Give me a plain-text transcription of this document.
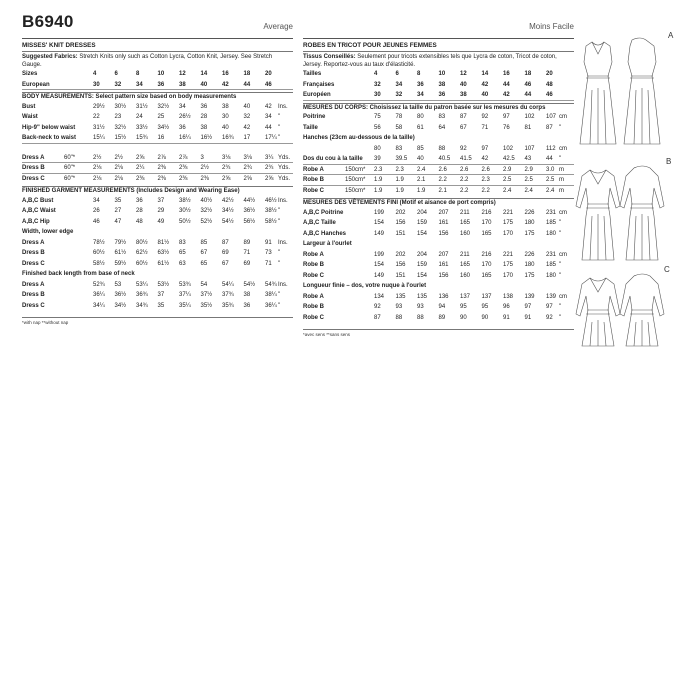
B6940	Average
MISSES' KNIT DRESSES
Suggested Fabrics: Stretch Knits only such as Cotton Lycra, Cotton Knit, Jersey. See Stretch Gauge.
Sizes	4	6	8	10	12	14	16	18	20
European	30	32	34	36	38	40	42	44	46
BODY MEASUREMENTS: Select pattern size based on body measurements
Bust	29½	30½	31½	32½	34	36	38	40	42	Ins.
Waist	22	23	24	25	26½	28	30	32	34	"
Hip-9" below waist	31½	32½	33½	34½	36	38	40	42	44	"
Back-neck to waist	15¼	15½	15¾	16	16¼	16½	16¾	17	17¼ "
Dress A	60"*	2½	2½	2⅝	2⅞	2⅞	3	3⅛	3⅛	3¼ Yds.
Dress B	60"*	2⅛	2⅛	2¼	2⅜	2⅜	2½	2¾	2¾	2¾ Yds.
Dress C	60"*	2⅛	2⅛	2⅜	2⅜	2⅜	2⅜	2⅝	2⅝	2⅝ Yds.
FINISHED GARMENT MEASUREMENTS (Includes Design and Wearing Ease)
A,B,C Bust	34	35	36	37	38½	40½	42½	44½	46½ Ins.
A,B,C Waist	26	27	28	29	30½	32½	34½	36½	38½ "
A,B,C Hip	46	47	48	49	50½	52½	54½	56½	58½ "
Width, lower edge
Dress A	78½	79½	80½	81½	83	85	87	89	91	Ins.
Dress B	60½	61½	62½	63½	65	67	69	71	73	"
Dress C	58½	59½	60½	61½	63	65	67	69	71	"
Finished back length from base of neck
Dress A	52¾	53	53¼	53½	53¾	54	54¼	54½	54¾ Ins.
Dress B	36¼	36½	36¾	37	37¼	37½	37¾	38	38¼ "
Dress C	34¼	34½	34¾	35	35¼	35½	35¾	36	36¼ "
*with nap **without nap
Moins Facile
ROBES EN TRICOT POUR JEUNES FEMMES
Tissus Conseillés: Seulement pour tricots extensibles tels que Lycra de coton, Tricot de coton, Jersey. Reportez-vous au taux d'élasticité.
Tailles	4	6	8	10	12	14	16	18	20
Françaises	32	34	36	38	40	42	44	46	48
Européen	30	32	34	36	38	40	42	44	46
MESURES DU CORPS: Choisissez la taille du patron basée sur les mesures du corps
Poitrine	75	78	80	83	87	92	97	102	107 cm
Taille	56	58	61	64	67	71	76	81	87	"
Hanches (23cm au-dessous de la taille)
80	83	85	88	92	97	102	107	112 cm
Dos du cou à la taille 39	39.5	40	40.5	41.5	42	42.5	43	44	"
Robe A	150cm* 2.3	2.3	2.4	2.6	2.6	2.6	2.9	2.9	3.0 m
Robe B	150cm* 1.9	1.9	2.1	2.2	2.2	2.3	2.5	2.5	2.5 m
Robe C	150cm* 1.9	1.9	1.9	2.1	2.2	2.2	2.4	2.4	2.4 m
MESURES DES VÊTEMENTS FINI (Motif et aisance de port compris)
A,B,C Poitrine	199	202	204	207	211	216	221	226	231 cm
A,B,C Taille	154	156	159	161	165	170	175	180	185 "
A,B,C Hanches	149	151	154	156	160	165	170	175	180 "
Largeur à l'ourlet
Robe A	199	202	204	207	211	216	221	226	231 cm
Robe B	154	156	159	161	165	170	175	180	185 "
Robe C	149	151	154	156	160	165	170	175	180 "
Longueur finie – dos, votre nuque à l'ourlet
Robe A	134	135	135	136	137	137	138	139	139 cm
Robe B	92	93	93	94	95	95	96	97	97	"
Robe C	87	88	88	89	90	90	91	91	92	"
*avec sens **sans sens
A
B
C
